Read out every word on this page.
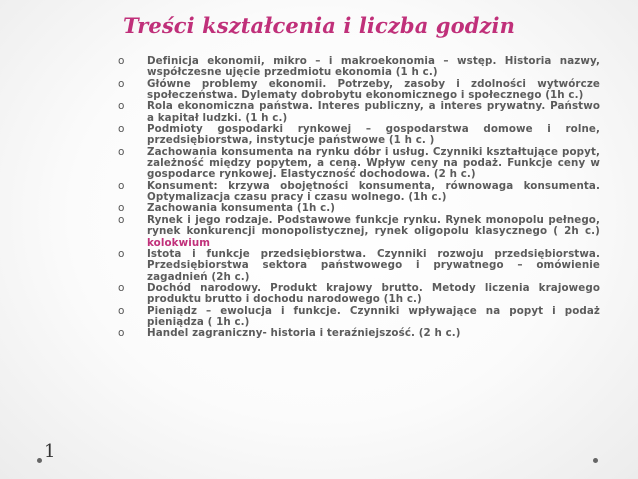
Treści kształcenia i liczba godzin
o Definicja ekonomii, mikro – i makroekonomia – wstęp. Historia nazwy, współczesne ujęcie przedmiotu ekonomia (1 h c.)
o Główne problemy ekonomii. Potrzeby, zasoby i zdolności wytwórcze społeczeństwa. Dylematy dobrobytu ekonomicznego i społecznego (1h c.)
o Rola ekonomiczna państwa. Interes publiczny, a interes prywatny. Państwo a kapitał ludzki. (1 h c.)
o Podmioty gospodarki rynkowej – gospodarstwa domowe i rolne, przedsiębiorstwa, instytucje państwowe (1 h c. )
o Zachowania konsumenta na rynku dóbr i usług. Czynniki kształtujące popyt, zależność między popytem, a ceną. Wpływ ceny na podaż. Funkcje ceny w gospodarce rynkowej. Elastyczność dochodowa. (2 h c.)
o Konsument: krzywa obojętności konsumenta, równowaga konsumenta. Optymalizacja czasu pracy i czasu wolnego. (1h c.)
o Zachowania konsumenta (1h c.)
o Rynek i jego rodzaje. Podstawowe funkcje rynku. Rynek monopolu pełnego, rynek konkurencji monopolistycznej, rynek oligopolu klasycznego ( 2h c.) kolokwium
o Istota i funkcje przedsiębiorstwa. Czynniki rozwoju przedsiębiorstwa. Przedsiębiorstwa sektora państwowego i prywatnego – omówienie zagadnień (2h c.)
o Dochód narodowy. Produkt krajowy brutto. Metody liczenia krajowego produktu brutto i dochodu narodowego (1h c.)
o Pieniądz – ewolucja i funkcje. Czynniki wpływające na popyt i podaż pieniądza ( 1h c.)
o Handel zagraniczny- historia i teraźniejszość. (2 h c.)
1
